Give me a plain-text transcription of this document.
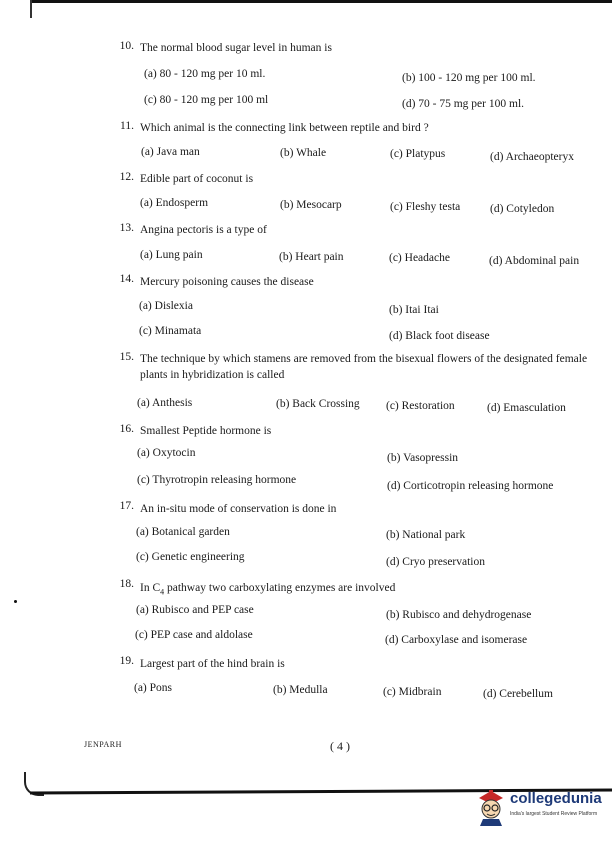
10. The normal blood sugar level in human is
(a) 80 - 120 mg per 10 ml.	(b) 100 - 120 mg per 100 ml.
(c) 80 - 120 mg per 100 ml	(d) 70 - 75 mg per 100 ml.
11. Which animal is the connecting link between reptile and bird ?
(a) Java man	(b) Whale	(c) Platypus	(d) Archaeopteryx
12. Edible part of coconut is
(a) Endosperm	(b) Mesocarp	(c) Fleshy testa	(d) Cotyledon
13. Angina pectoris is a type of
(a) Lung pain	(b) Heart pain	(c) Headache	(d) Abdominal pain
14. Mercury poisoning causes the disease
(a) Dislexia	(b) Itai Itai
(c) Minamata	(d) Black foot disease
15. The technique by which stamens are removed from the bisexual flowers of the designated female plants in hybridization is called
(a) Anthesis	(b) Back Crossing (c) Restoration	(d) Emasculation
16. Smallest Peptide hormone is
(a) Oxytocin	(b) Vasopressin
(c) Thyrotropin releasing hormone	(d) Corticotropin releasing hormone
17. An in-situ mode of conservation is done in
(a) Botanical garden	(b) National park
(c) Genetic engineering	(d) Cryo preservation
18. In $C_4$ pathway two carboxylating enzymes are involved
(a) Rubisco and PEP case	(b) Rubisco and dehydrogenase
(c) PEP case and aldolase	(d) Carboxylase and isomerase
19. Largest part of the hind brain is
(a) Pons	(b) Medulla	(c) Midbrain	(d) Cerebellum
JENPARH	( 4 )
collegedunia
India's largest Student Review Platform
